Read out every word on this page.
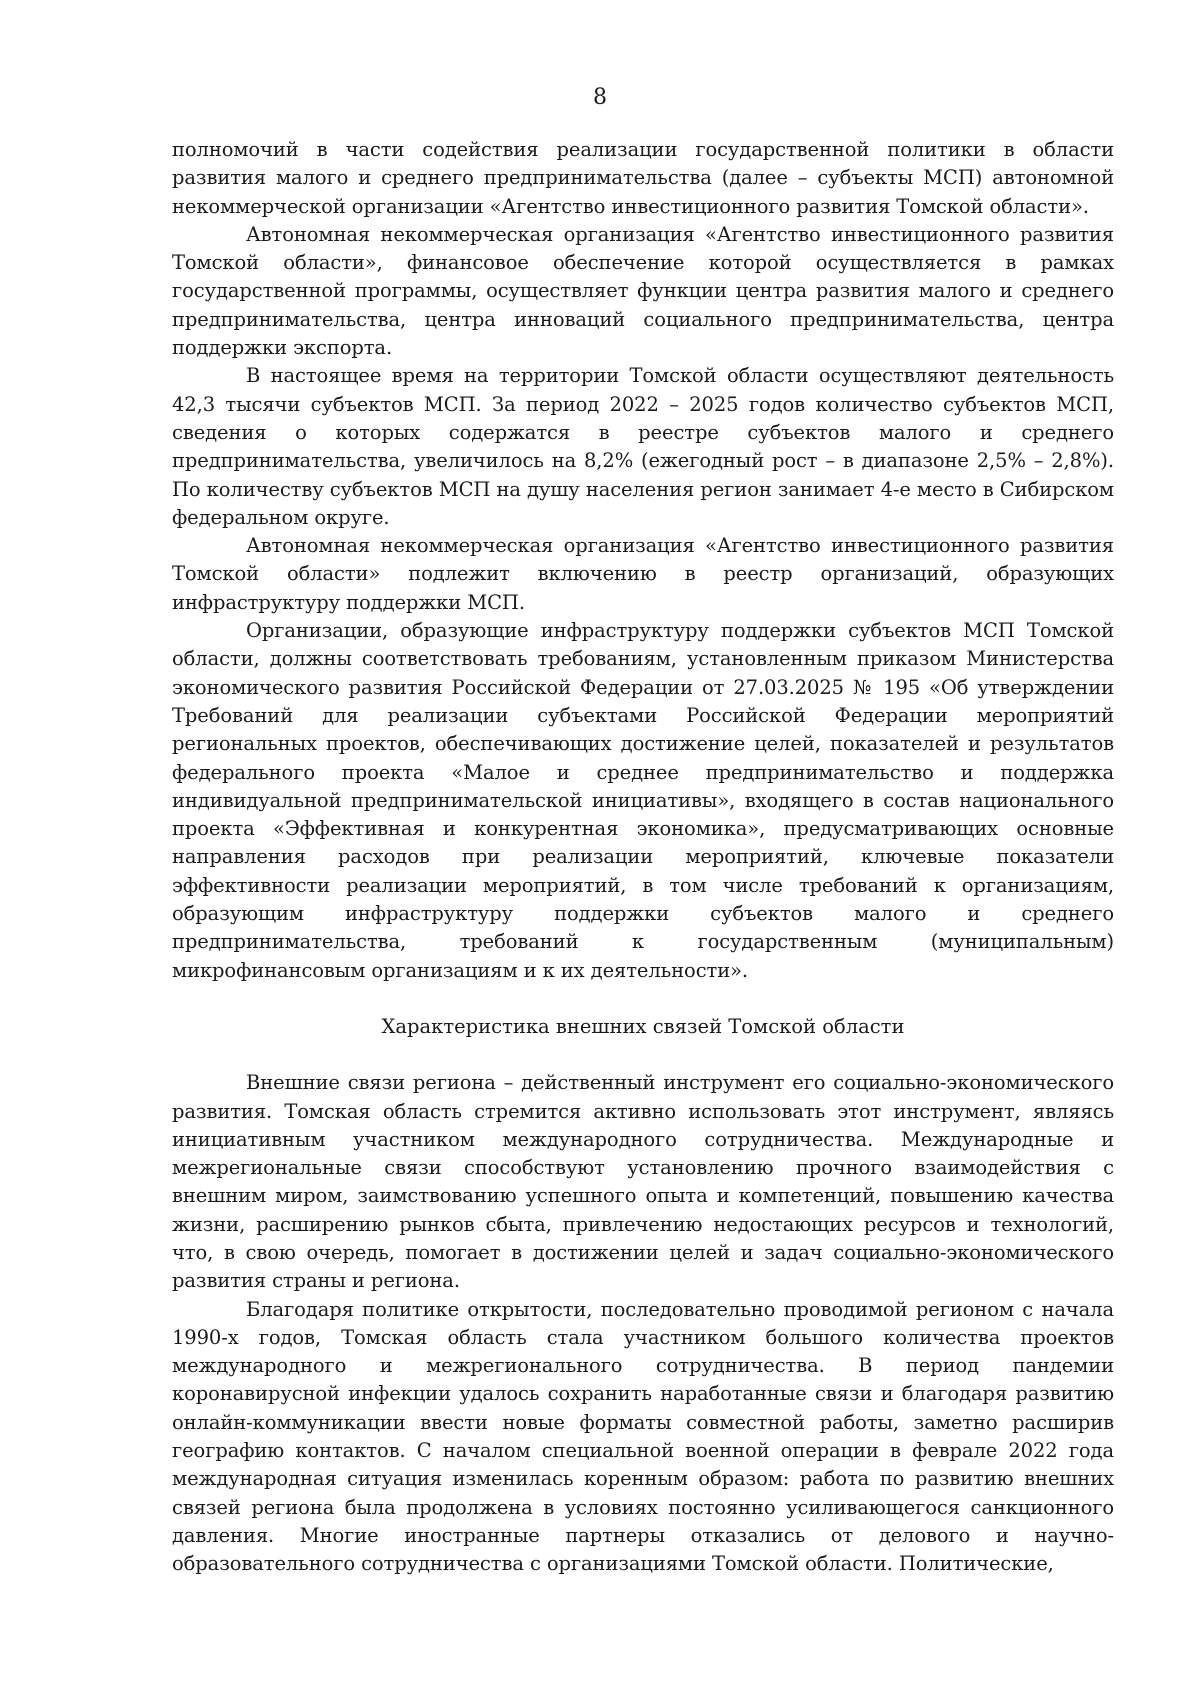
8

полномочий в части содействия реализации государственной политики в области развития малого и среднего предпринимательства (далее – субъекты МСП) автономной некоммерческой организации «Агентство инвестиционного развития Томской области».

Автономная некоммерческая организация «Агентство инвестиционного развития Томской области», финансовое обеспечение которой осуществляется в рамках государственной программы, осуществляет функции центра развития малого и среднего предпринимательства, центра инноваций социального предпринимательства, центра поддержки экспорта.

В настоящее время на территории Томской области осуществляют деятельность 42,3 тысячи субъектов МСП. За период 2022 – 2025 годов количество субъектов МСП, сведения о которых содержатся в реестре субъектов малого и среднего предпринимательства, увеличилось на 8,2% (ежегодный рост – в диапазоне 2,5% – 2,8%). По количеству субъектов МСП на душу населения регион занимает 4-е место в Сибирском федеральном округе.

Автономная некоммерческая организация «Агентство инвестиционного развития Томской области» подлежит включению в реестр организаций, образующих инфраструктуру поддержки МСП.

Организации, образующие инфраструктуру поддержки субъектов МСП Томской области, должны соответствовать требованиям, установленным приказом Министерства экономического развития Российской Федерации от 27.03.2025 № 195 «Об утверждении Требований для реализации субъектами Российской Федерации мероприятий региональных проектов, обеспечивающих достижение целей, показателей и результатов федерального проекта «Малое и среднее предпринимательство и поддержка индивидуальной предпринимательской инициативы», входящего в состав национального проекта «Эффективная и конкурентная экономика», предусматривающих основные направления расходов при реализации мероприятий, ключевые показатели эффективности реализации мероприятий, в том числе требований к организациям, образующим инфраструктуру поддержки субъектов малого и среднего предпринимательства, требований к государственным (муниципальным) микрофинансовым организациям и к их деятельности».

Характеристика внешних связей Томской области

Внешние связи региона – действенный инструмент его социально-экономического развития. Томская область стремится активно использовать этот инструмент, являясь инициативным участником международного сотрудничества. Международные и межрегиональные связи способствуют установлению прочного взаимодействия с внешним миром, заимствованию успешного опыта и компетенций, повышению качества жизни, расширению рынков сбыта, привлечению недостающих ресурсов и технологий, что, в свою очередь, помогает в достижении целей и задач социально-экономического развития страны и региона.

Благодаря политике открытости, последовательно проводимой регионом с начала 1990-х годов, Томская область стала участником большого количества проектов международного и межрегионального сотрудничества. В период пандемии коронавирусной инфекции удалось сохранить наработанные связи и благодаря развитию онлайн-коммуникации ввести новые форматы совместной работы, заметно расширив географию контактов. С началом специальной военной операции в феврале 2022 года международная ситуация изменилась коренным образом: работа по развитию внешних связей региона была продолжена в условиях постоянно усиливающегося санкционного давления. Многие иностранные партнеры отказались от делового и научно-образовательного сотрудничества с организациями Томской области. Политические,
